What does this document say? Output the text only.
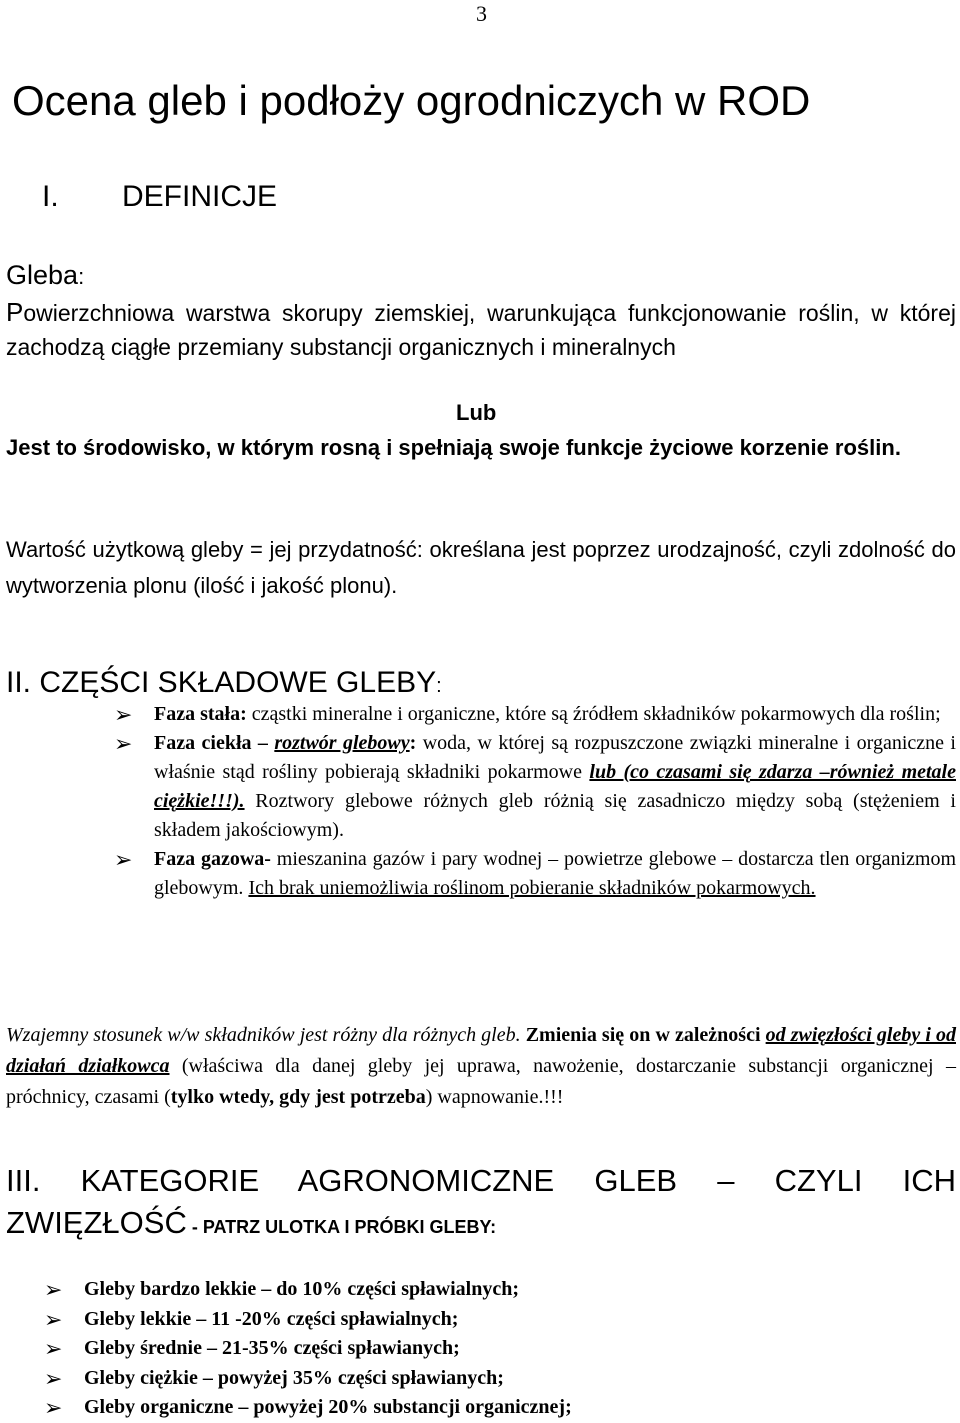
3
Ocena gleb i podłoży ogrodniczych w ROD
I. DEFINICJE
Gleba:
Powierzchniowa warstwa skorupy ziemskiej, warunkująca funkcjonowanie roślin, w której zachodzą ciągłe przemiany substancji organicznych i mineralnych
Lub
Jest to środowisko, w którym rosną i spełniają swoje funkcje życiowe korzenie roślin.
Wartość użytkową gleby = jej przydatność: określana jest poprzez urodzajność, czyli zdolność do wytworzenia plonu (ilość i jakość plonu).
II. CZĘŚCI SKŁADOWE GLEBY:
➢ Faza stała: cząstki mineralne i organiczne, które są źródłem składników pokarmowych dla roślin;
➢ Faza ciekła – roztwór glebowy: woda, w której są rozpuszczone związki mineralne i organiczne i właśnie stąd rośliny pobierają składniki pokarmowe lub (co czasami się zdarza –również metale ciężkie!!!). Roztwory glebowe różnych gleb różnią się zasadniczo między sobą (stężeniem i składem jakościowym).
➢ Faza gazowa- mieszanina gazów i pary wodnej – powietrze glebowe – dostarcza tlen organizmom glebowym. Ich brak uniemożliwia roślinom pobieranie składników pokarmowych.
Wzajemny stosunek w/w składników jest różny dla różnych gleb. Zmienia się on w zależności od zwięzłości gleby i od działań działkowca (właściwa dla danej gleby jej uprawa, nawożenie, dostarczanie substancji organicznej – próchnicy, czasami (tylko wtedy, gdy jest potrzeba) wapnowanie.!!!
III. KATEGORIE AGRONOMICZNE GLEB – CZYLI ICH ZWIĘZŁOŚĆ - PATRZ ULOTKA I PRÓBKI GLEBY:
➢ Gleby bardzo lekkie – do 10% części spławialnych;
➢ Gleby lekkie – 11 -20% części spławialnych;
➢ Gleby średnie – 21-35% części spławianych;
➢ Gleby ciężkie – powyżej 35% części spławianych;
➢ Gleby organiczne – powyżej 20% substancji organicznej;
